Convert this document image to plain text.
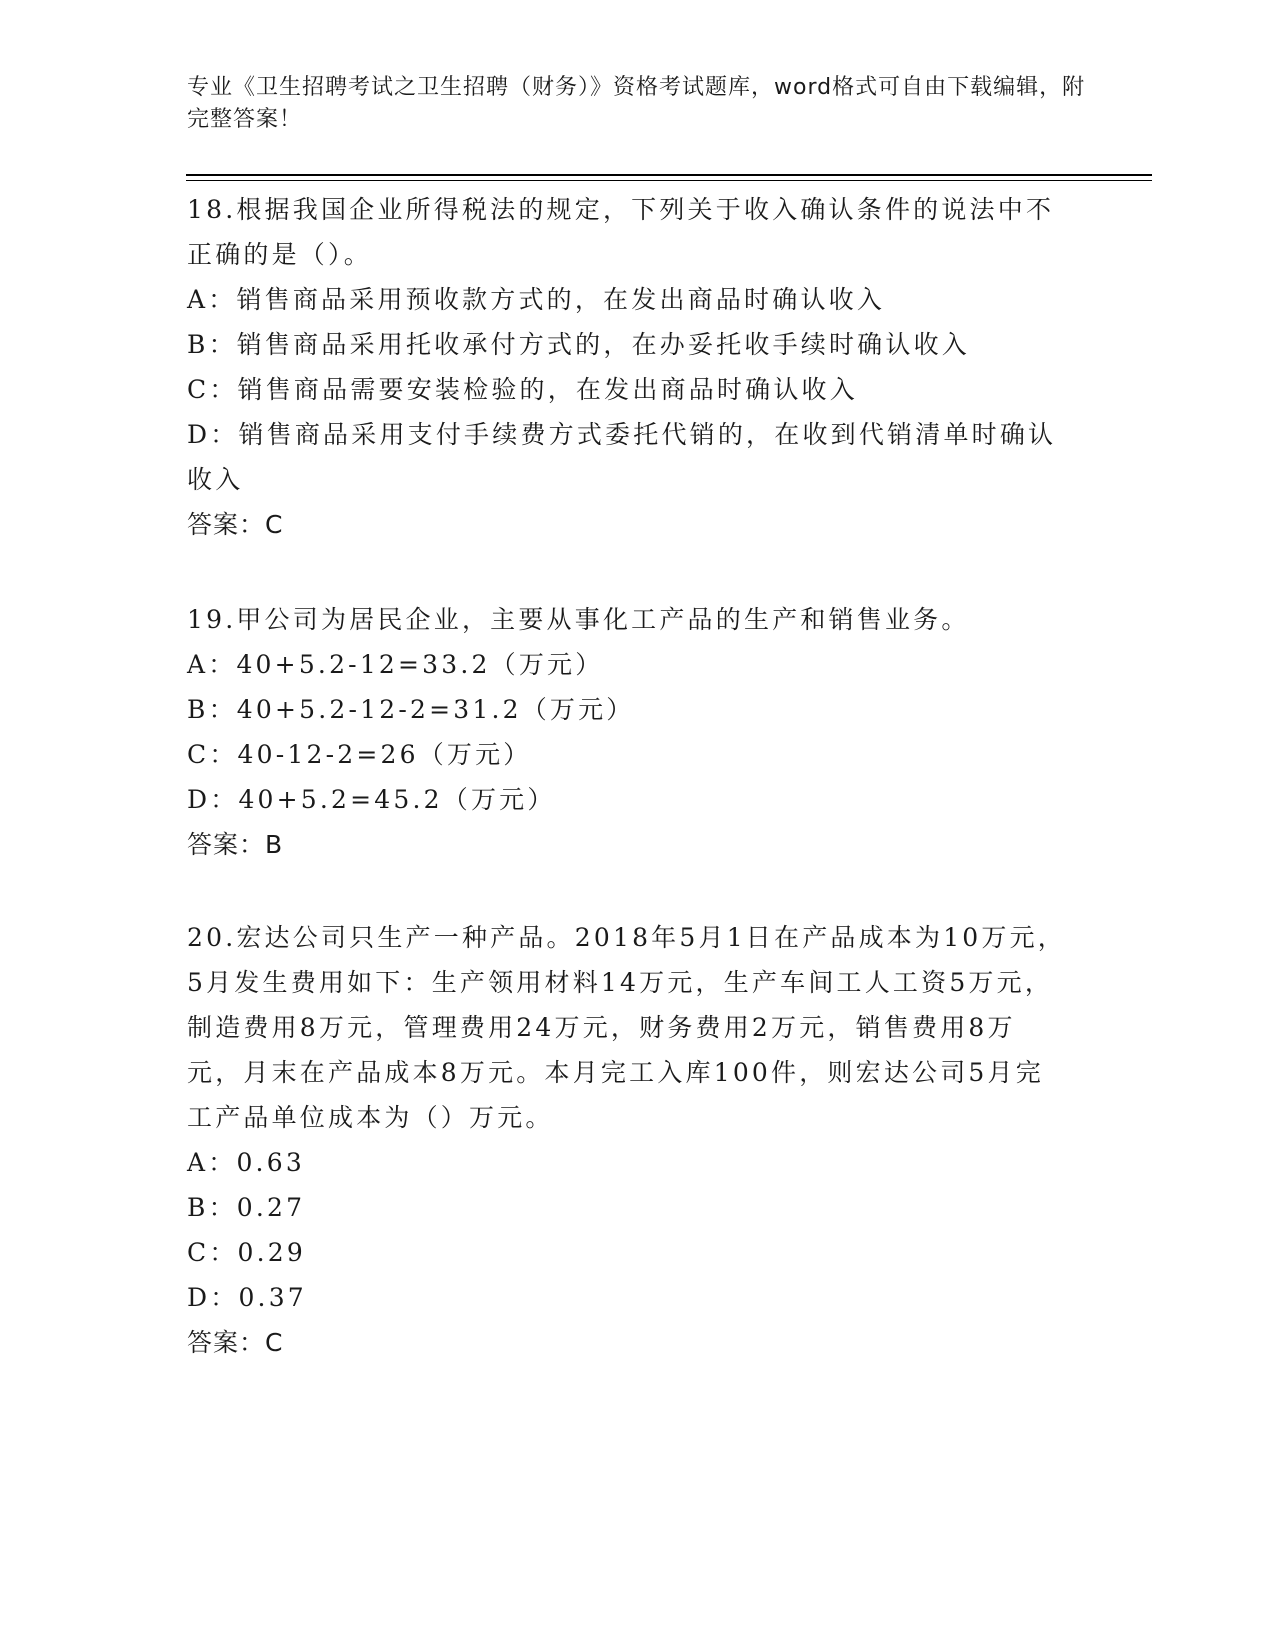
专业《卫生招聘考试之卫生招聘（财务）》资格考试题库，word格式可自由下载编辑，附完整答案！
18.根据我国企业所得税法的规定，下列关于收入确认条件的说法中不正确的是（）。
A：销售商品采用预收款方式的，在发出商品时确认收入
B：销售商品采用托收承付方式的，在办妥托收手续时确认收入
C：销售商品需要安装检验的，在发出商品时确认收入
D：销售商品采用支付手续费方式委托代销的，在收到代销清单时确认收入
答案：C
19.甲公司为居民企业，主要从事化工产品的生产和销售业务。
A：40+5.2-12=33.2（万元）
B：40+5.2-12-2=31.2（万元）
C：40-12-2=26（万元）
D：40+5.2=45.2（万元）
答案：B
20.宏达公司只生产一种产品。2018年5月1日在产品成本为10万元，5月发生费用如下：生产领用材料14万元，生产车间工人工资5万元，制造费用8万元，管理费用24万元，财务费用2万元，销售费用8万元，月末在产品成本8万元。本月完工入库100件，则宏达公司5月完工产品单位成本为（）万元。
A：0.63
B：0.27
C：0.29
D：0.37
答案：C
